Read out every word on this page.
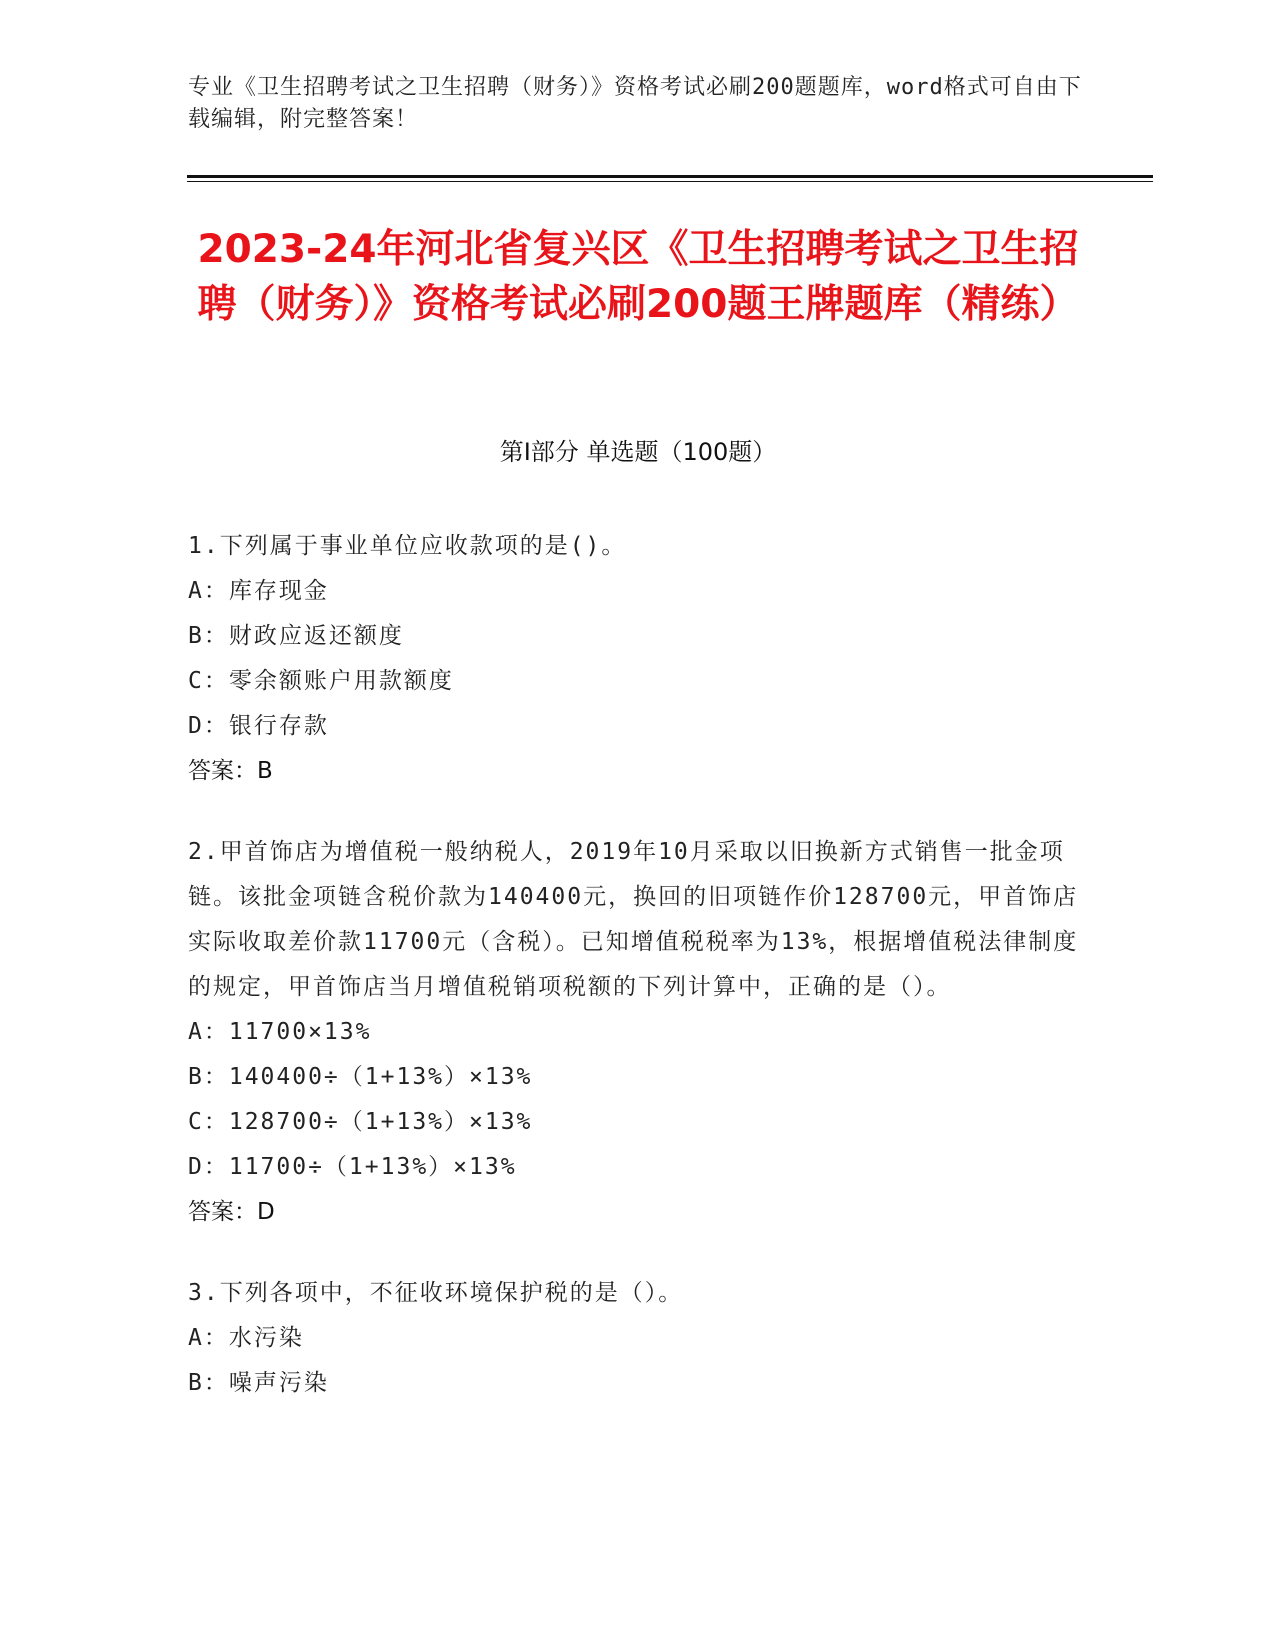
专业《卫生招聘考试之卫生招聘（财务）》资格考试必刷200题题库，word格式可自由下载编辑，附完整答案！
2023-24年河北省复兴区《卫生招聘考试之卫生招聘（财务）》资格考试必刷200题王牌题库（精练）
第Ⅰ部分 单选题（100题）

1.下列属于事业单位应收款项的是()。

A：库存现金

B：财政应返还额度

C：零余额账户用款额度

D：银行存款

答案：B

2.甲首饰店为增值税一般纳税人，2019年10月采取以旧换新方式销售一批金项链。该批金项链含税价款为140400元，换回的旧项链作价128700元，甲首饰店实际收取差价款11700元（含税）。已知增值税税率为13%，根据增值税法律制度的规定，甲首饰店当月增值税销项税额的下列计算中，正确的是（）。

A：11700×13%

B：140400÷（1+13%）×13%

C：128700÷（1+13%）×13%

D：11700÷（1+13%）×13%

答案：D

3.下列各项中，不征收环境保护税的是（）。

A：水污染

B：噪声污染
